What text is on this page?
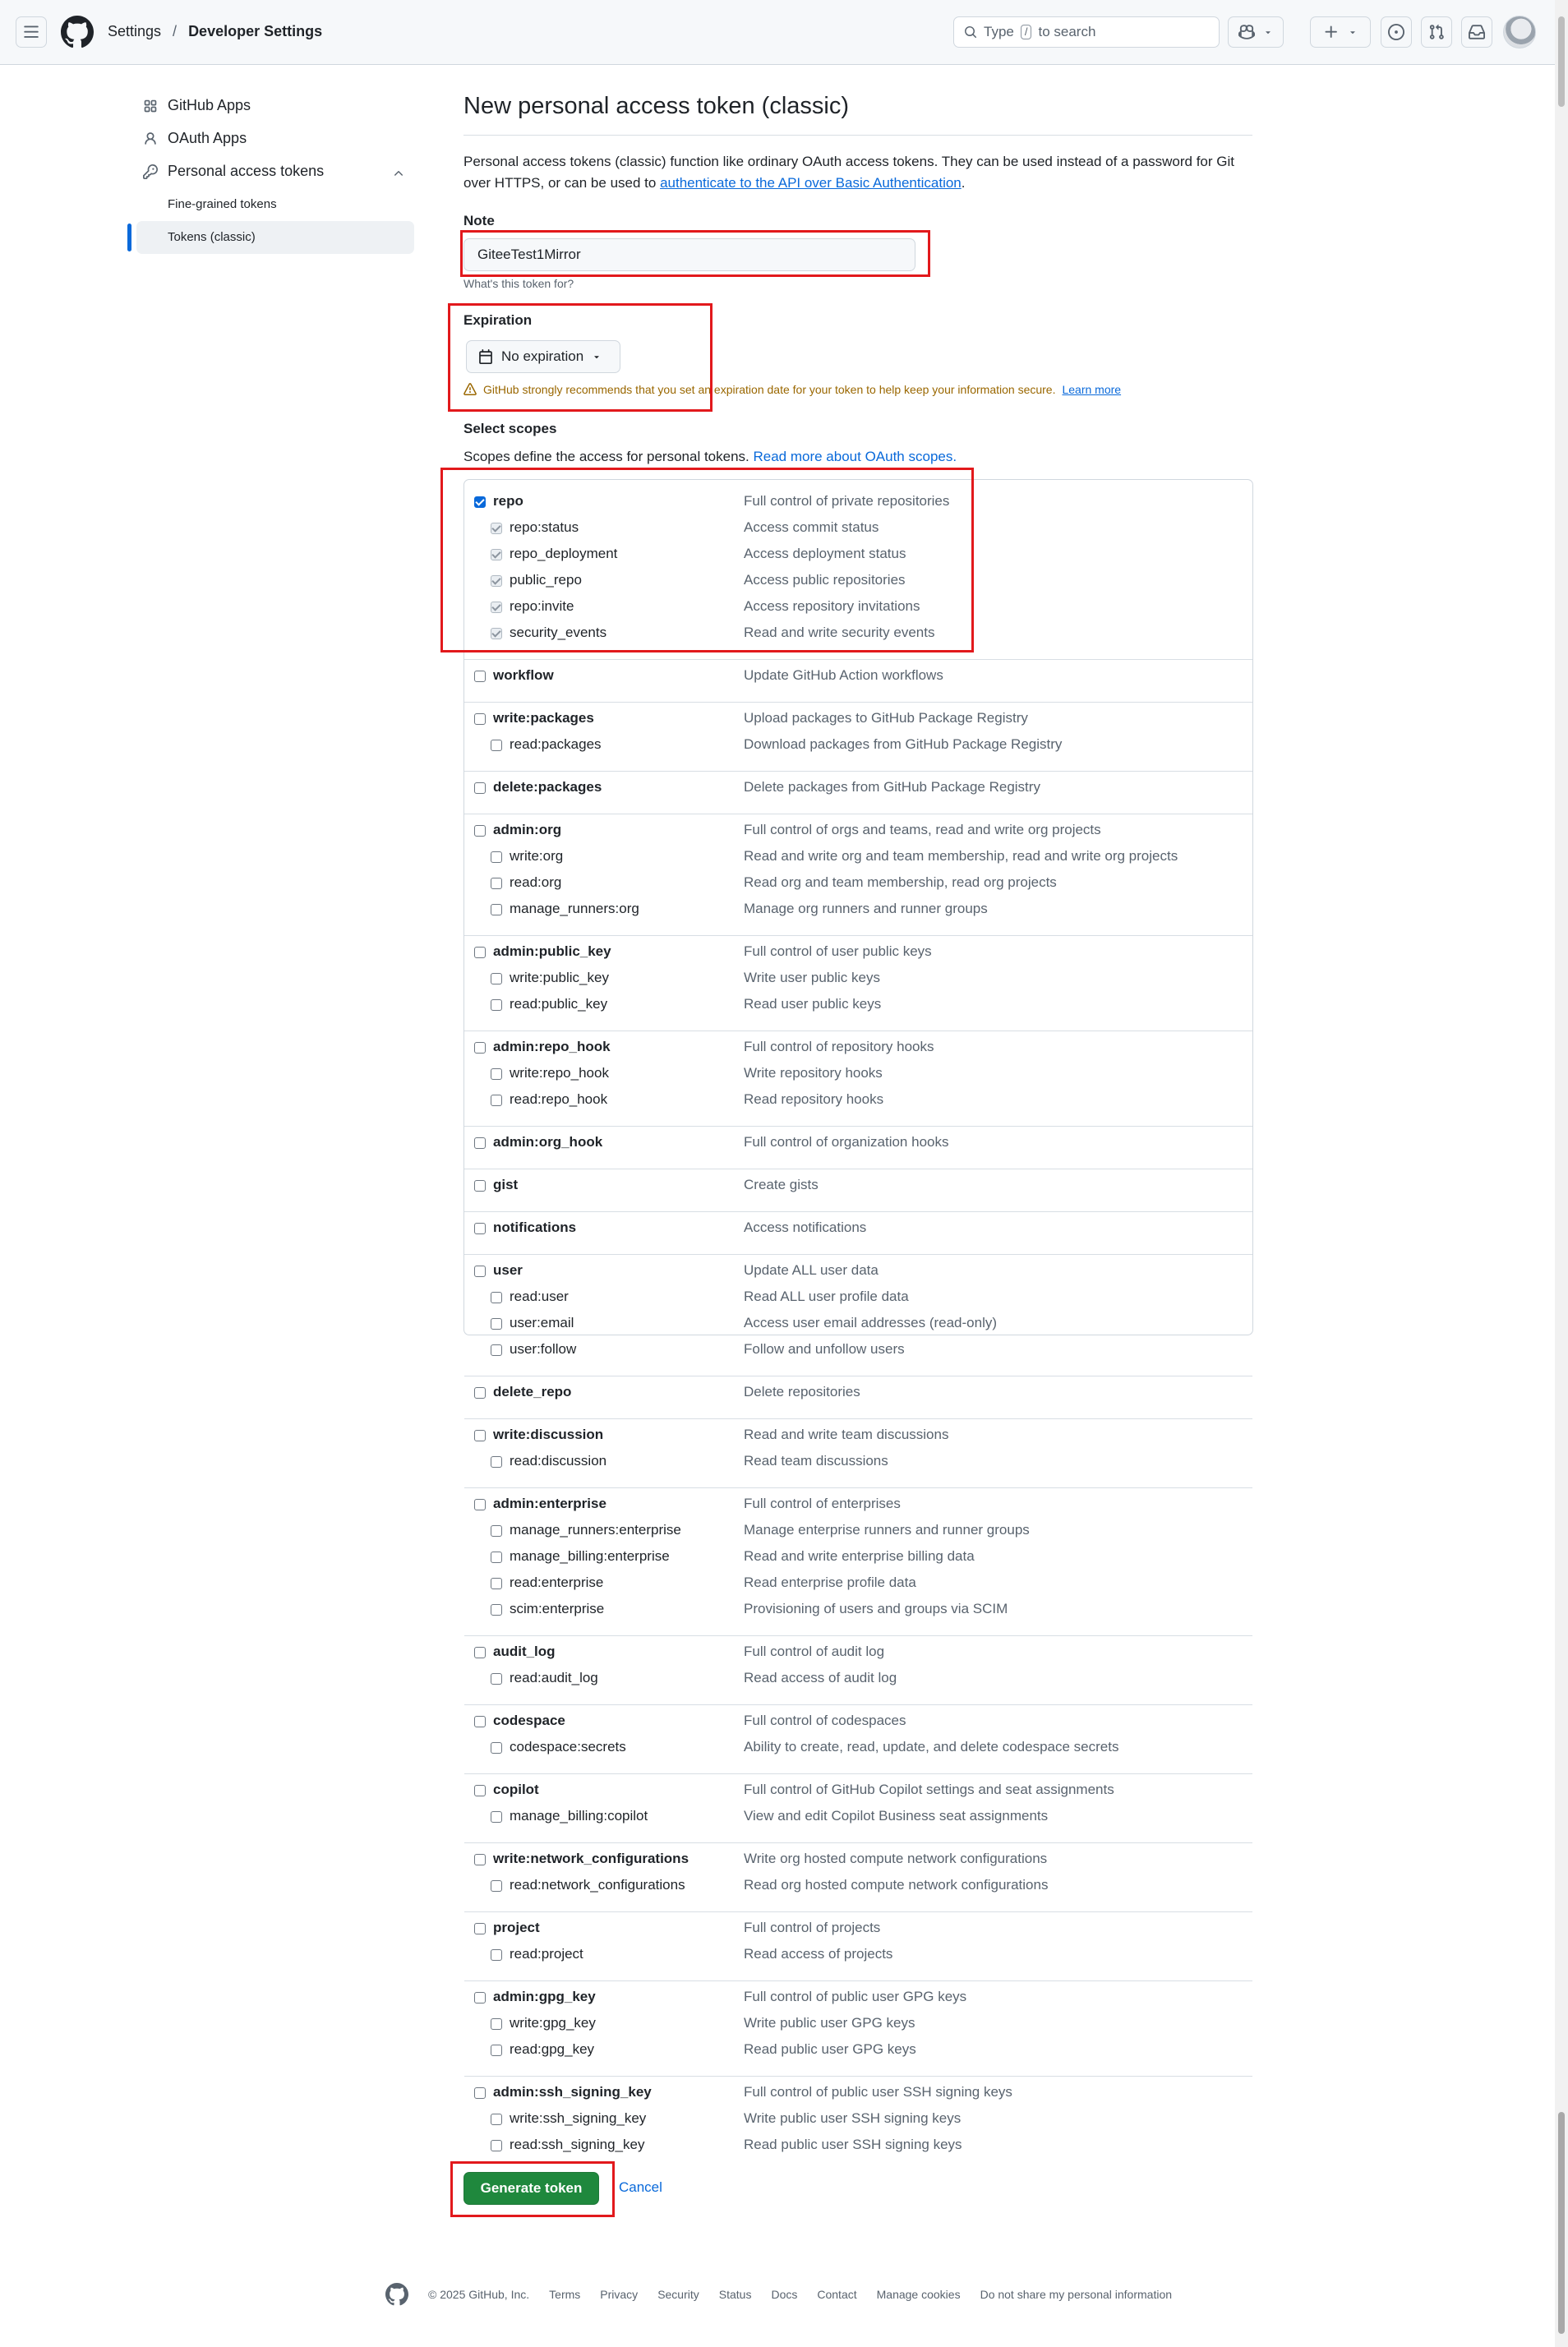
Settings / Developer Settings	Type	/ to search
GitHub Apps
OAuth Apps
Personal access tokens
Fine-grained tokens
Tokens (classic)
New personal access token (classic)

Personal access tokens (classic) function like ordinary OAuth access tokens. They can be used instead of a password for Git over HTTPS, or can be used to authenticate to the API over Basic Authentication.

Note
GiteeTest1Mirror
What's this token for?
Expiration
No expiration
GitHub strongly recommends that you set an expiration date for your token to help keep your information secure. Learn more
Select scopes
Scopes define the access for personal tokens. Read more about OAuth scopes.
repo	Full control of private repositories
repo:status	Access commit status
repo_deployment	Access deployment status
public_repo	Access public repositories
repo:invite	Access repository invitations
security_events	Read and write security events
workflow	Update GitHub Action workflows
write:packages	Upload packages to GitHub Package Registry
read:packages	Download packages from GitHub Package Registry
delete:packages	Delete packages from GitHub Package Registry
admin:org	Full control of orgs and teams, read and write org projects
write:org	Read and write org and team membership, read and write org projects
read:org	Read org and team membership, read org projects
manage_runners:org	Manage org runners and runner groups
admin:public_key	Full control of user public keys
write:public_key	Write user public keys
read:public_key	Read user public keys
admin:repo_hook	Full control of repository hooks
write:repo_hook	Write repository hooks
read:repo_hook	Read repository hooks
admin:org_hook	Full control of organization hooks
gist	Create gists
notifications	Access notifications
user	Update ALL user data
read:user	Read ALL user profile data
user:email	Access user email addresses (read-only)
user:follow	Follow and unfollow users
delete_repo	Delete repositories
write:discussion	Read and write team discussions
read:discussion	Read team discussions
admin:enterprise	Full control of enterprises
manage_runners:enterprise	Manage enterprise runners and runner groups
manage_billing:enterprise	Read and write enterprise billing data
read:enterprise	Read enterprise profile data
scim:enterprise	Provisioning of users and groups via SCIM
audit_log	Full control of audit log
read:audit_log	Read access of audit log
codespace	Full control of codespaces
codespace:secrets	Ability to create, read, update, and delete codespace secrets
copilot	Full control of GitHub Copilot settings and seat assignments
manage_billing:copilot	View and edit Copilot Business seat assignments
write:network_configurations	Write org hosted compute network configurations
read:network_configurations	Read org hosted compute network configurations
project	Full control of projects
read:project	Read access of projects
admin:gpg_key	Full control of public user GPG keys
write:gpg_key	Write public user GPG keys
read:gpg_key	Read public user GPG keys
admin:ssh_signing_key	Full control of public user SSH signing keys
write:ssh_signing_key	Write public user SSH signing keys
read:ssh_signing_key	Read public user SSH signing keys
Generate token	Cancel
© 2025 GitHub, Inc. Terms Privacy Security Status Docs Contact Manage cookies Do not share my personal information
